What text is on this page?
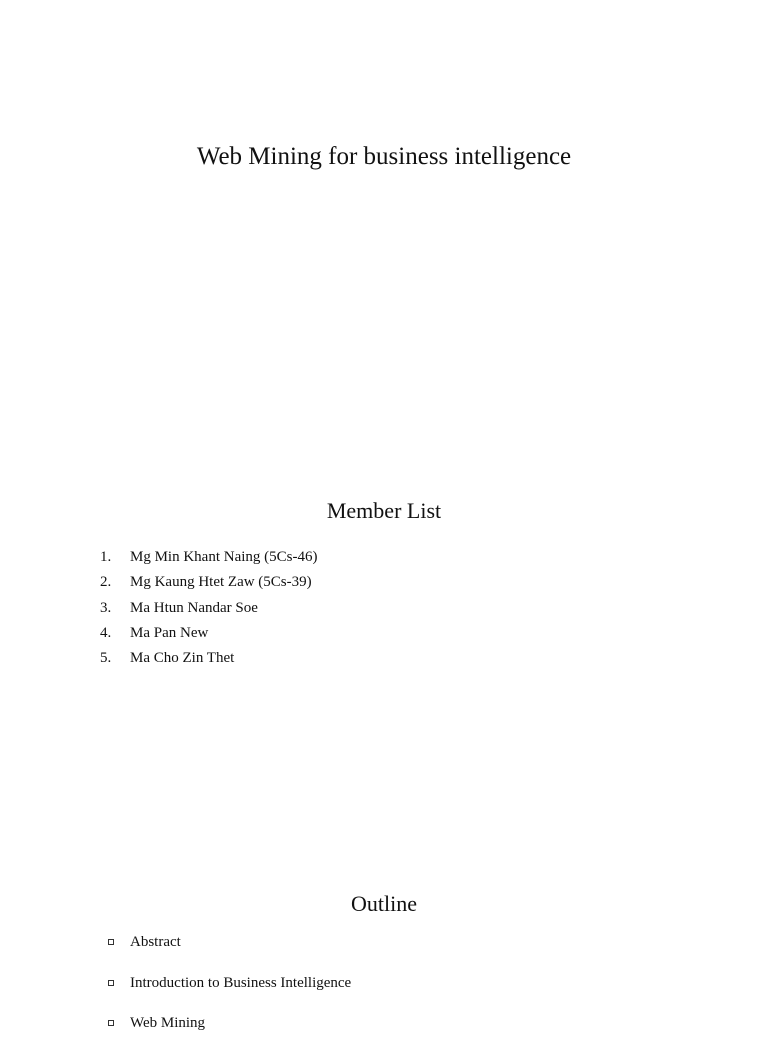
Web Mining for business intelligence
Member List
1.	Mg Min Khant Naing (5Cs-46)
2.	Mg Kaung Htet Zaw (5Cs-39)
3.	Ma Htun Nandar Soe
4.	Ma Pan New
5.	Ma Cho Zin Thet
Outline
Abstract
Introduction to Business Intelligence
Web Mining
